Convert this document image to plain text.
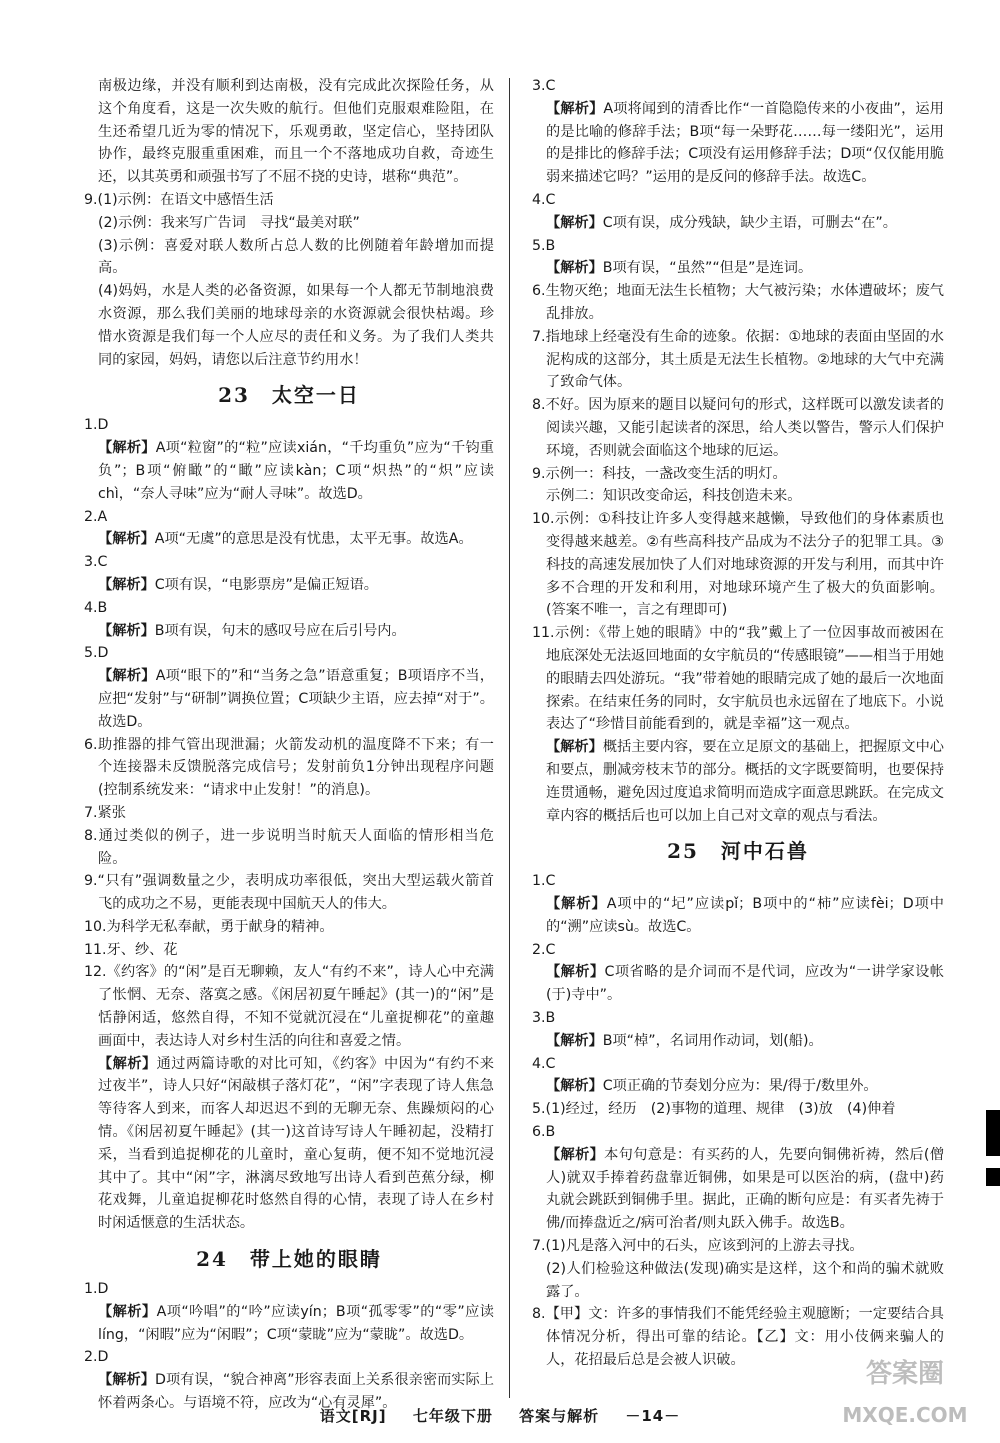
南极边缘，并没有顺利到达南极，没有完成此次探险任务，从这个角度看，这是一次失败的航行。但他们克服艰难险阻，在生还希望几近为零的情况下，乐观勇敢，坚定信心，坚持团队协作，最终克服重重困难，而且一个不落地成功自救，奇迹生还，以其英勇和顽强书写了不屈不挠的史诗，堪称“典范”。

9.(1)示例：在语文中感悟生活

(2)示例：我来写广告词　寻找“最美对联”

(3)示例：喜爱对联人数所占总人数的比例随着年龄增加而提高。

(4)妈妈，水是人类的必备资源，如果每一个人都无节制地浪费水资源，那么我们美丽的地球母亲的水资源就会很快枯竭。珍惜水资源是我们每一个人应尽的责任和义务。为了我们人类共同的家园，妈妈，请您以后注意节约用水！

23　太空一日

1.D

【解析】A项“粒窗”的“粒”应读xián，“千均重负”应为“千钧重负”；B项“俯瞰”的“瞰”应读kàn；C项“炽热”的“炽”应读chì，“奈人寻味”应为“耐人寻味”。故选D。

2.A

【解析】A项“无虞”的意思是没有忧患，太平无事。故选A。

3.C

【解析】C项有误，“电影票房”是偏正短语。

4.B

【解析】B项有误，句末的感叹号应在后引号内。

5.D

【解析】A项“眼下的”和“当务之急”语意重复；B项语序不当，应把“发射”与“研制”调换位置；C项缺少主语，应去掉“对于”。故选D。

6.助推器的排气管出现泄漏；火箭发动机的温度降不下来；有一个连接器未反馈脱落完成信号；发射前负1分钟出现程序问题(控制系统发来：“请求中止发射！”的消息)。

7.紧张

8.通过类似的例子，进一步说明当时航天人面临的情形相当危险。

9.“只有”强调数量之少，表明成功率很低，突出大型运载火箭首飞的成功之不易，更能表现中国航天人的伟大。

10.为科学无私奉献，勇于献身的精神。

11.牙、纱、花

12.《约客》的“闲”是百无聊赖，友人“有约不来”，诗人心中充满了怅惘、无奈、落寞之感。《闲居初夏午睡起》(其一)的“闲”是恬静闲适，悠然自得，不知不觉就沉浸在“儿童捉柳花”的童趣画面中，表达诗人对乡村生活的向往和喜爱之情。

【解析】通过两篇诗歌的对比可知，《约客》中因为“有约不来过夜半”，诗人只好“闲敲棋子落灯花”，“闲”字表现了诗人焦急等待客人到来，而客人却迟迟不到的无聊无奈、焦躁烦闷的心情。《闲居初夏午睡起》(其一)这首诗写诗人午睡初起，没精打采，当看到追捉柳花的儿童时，童心复萌，便不知不觉地沉浸其中了。其中“闲”字，淋漓尽致地写出诗人看到芭蕉分绿，柳花戏舞，儿童追捉柳花时悠然自得的心情，表现了诗人在乡村时闲适惬意的生活状态。

24　带上她的眼睛

1.D

【解析】A项“吟唱”的“吟”应读yín；B项“孤零零”的“零”应读líng，“闲暇”应为“闲暇”；C项“蒙眬”应为“蒙眬”。故选D。

2.D

【解析】D项有误，“貌合神离”形容表面上关系很亲密而实际上怀着两条心。与语境不符，应改为“心有灵犀”。

3.C

【解析】A项将闻到的清香比作“一首隐隐传来的小夜曲”，运用的是比喻的修辞手法；B项“每一朵野花……每一缕阳光”，运用的是排比的修辞手法；C项没有运用修辞手法；D项“仅仅能用脆弱来描述它吗？”运用的是反问的修辞手法。故选C。

4.C

【解析】C项有误，成分残缺，缺少主语，可删去“在”。

5.B

【解析】B项有误，“虽然”“但是”是连词。

6.生物灭绝；地面无法生长植物；大气被污染；水体遭破坏；废气乱排放。

7.指地球上经毫没有生命的迹象。依据：①地球的表面由坚固的水泥构成的这部分，其土质是无法生长植物。②地球的大气中充满了致命气体。

8.不好。因为原来的题目以疑问句的形式，这样既可以激发读者的阅读兴趣，又能引起读者的深思，给人类以警告，警示人们保护环境，否则就会面临这个地球的厄运。

9.示例一：科技，一盏改变生活的明灯。

示例二：知识改变命运，科技创造未来。

10.示例：①科技让许多人变得越来越懒，导致他们的身体素质也变得越来越差。②有些高科技产品成为不法分子的犯罪工具。③科技的高速发展加快了人们对地球资源的开发与利用，而其中许多不合理的开发和利用，对地球环境产生了极大的负面影响。(答案不唯一，言之有理即可)

11.示例：《带上她的眼睛》中的“我”戴上了一位因事故而被困在地底深处无法返回地面的女宇航员的“传感眼镜”——相当于用她的眼睛去四处游玩。“我”带着她的眼睛完成了她的最后一次地面探索。在结束任务的同时，女宇航员也永远留在了地底下。小说表达了“珍惜目前能看到的，就是幸福”这一观点。

【解析】概括主要内容，要在立足原文的基础上，把握原文中心和要点，删减旁枝末节的部分。概括的文字既要简明，也要保持连贯通畅，避免因过度追求简明而造成字面意思跳跃。在完成文章内容的概括后也可以加上自己对文章的观点与看法。

25　河中石兽

1.C

【解析】A项中的“圮”应读pǐ；B项中的“柿”应读fèi；D项中的“溯”应读sù。故选C。

2.C

【解析】C项省略的是介词而不是代词，应改为“一讲学家设帐(于)寺中”。

3.B

【解析】B项“棹”，名词用作动词，划(船)。

4.C

【解析】C项正确的节奏划分应为：果/得于/数里外。

5.(1)经过，经历　(2)事物的道理、规律　(3)放　(4)伸着

6.B

【解析】本句句意是：有买药的人，先要向铜佛祈祷，然后(僧人)就双手捧着药盘靠近铜佛，如果是可以医治的病，(盘中)药丸就会跳跃到铜佛手里。据此，正确的断句应是：有买者先祷于佛/而捧盘近之/病可治者/则丸跃入佛手。故选B。

7.(1)凡是落入河中的石头，应该到河的上游去寻找。

(2)人们检验这种做法(发现)确实是这样，这个和尚的骗术就败露了。

8.【甲】文：许多的事情我们不能凭经验主观臆断；一定要结合具体情况分析，得出可靠的结论。【乙】文：用小伎俩来骗人的人，花招最后总是会被人识破。

语文[RJ] 七年级下册 答案与解析 －14－
答案圈
MXQE.COM
